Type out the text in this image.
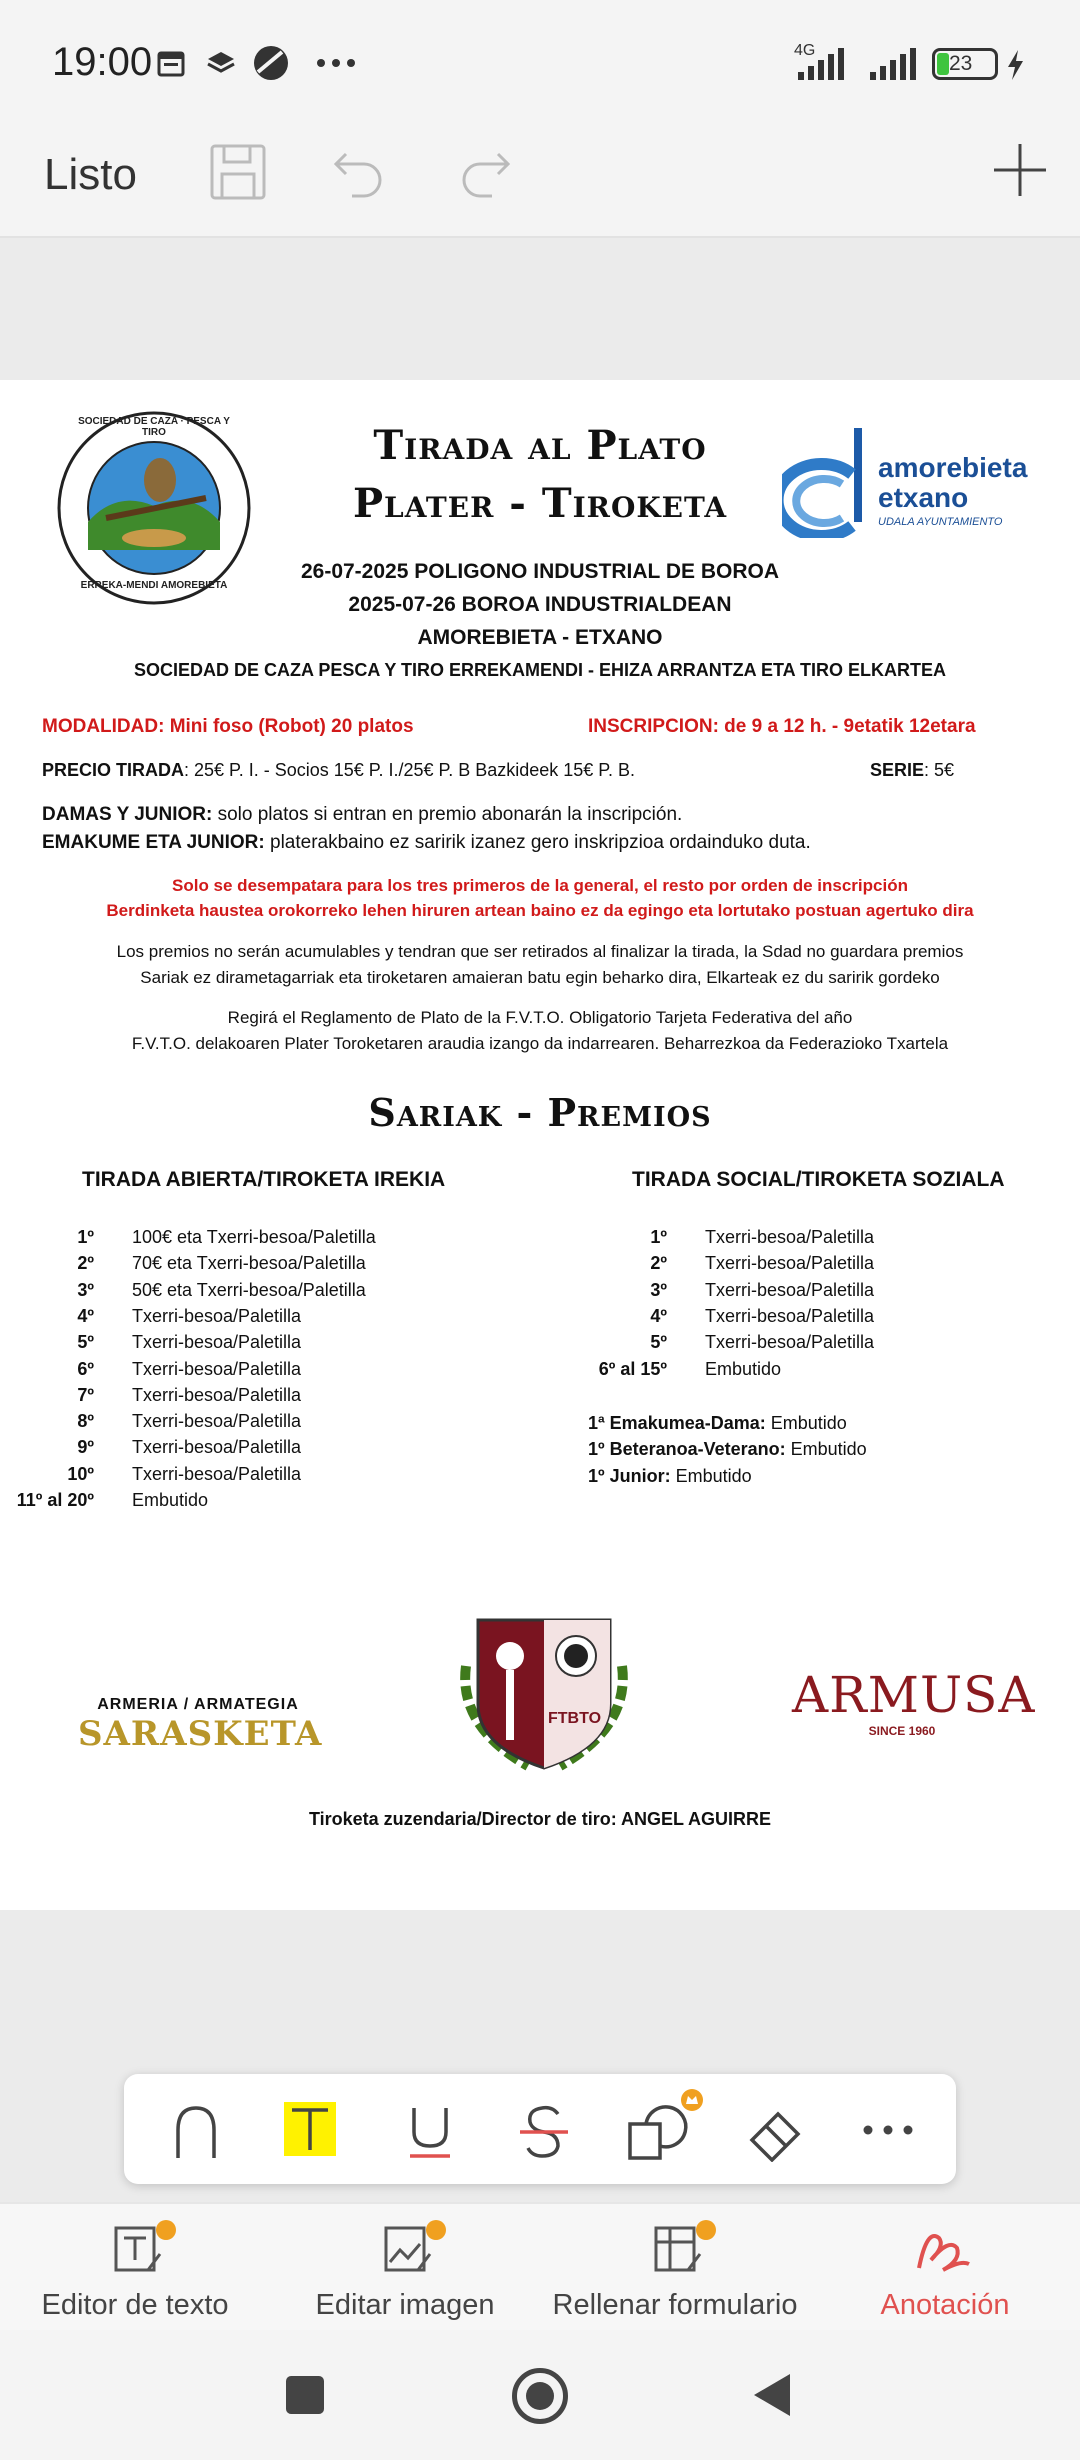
19:00	4G
23
Listo
SOCIEDAD DE CAZA · PESCA Y TIRO
ERREKA-MENDI AMOREBIETA
Tirada al Plato
Plater - Tiroketa
amorebieta
etxano
UDALA AYUNTAMIENTO
26-07-2025 POLIGONO INDUSTRIAL DE BOROA
2025-07-26 BOROA INDUSTRIALDEAN
AMOREBIETA - ETXANO
SOCIEDAD DE CAZA PESCA Y TIRO ERREKAMENDI - EHIZA ARRANTZA ETA TIRO ELKARTEA
MODALIDAD: Mini foso (Robot) 20 platos	INSCRIPCION: de 9 a 12 h. - 9etatik 12etara
PRECIO TIRADA: 25€ P. I. - Socios 15€ P. I./25€ P. B Bazkideek 15€ P. B.	SERIE: 5€
DAMAS Y JUNIOR: solo platos si entran en premio abonarán la inscripción.
EMAKUME ETA JUNIOR: platerakbaino ez saririk izanez gero inskripzioa ordainduko duta.
Solo se desempatara para los tres primeros de la general, el resto por orden de inscripción
Berdinketa haustea orokorreko lehen hiruren artean baino ez da egingo eta lortutako postuan agertuko dira
Los premios no serán acumulables y tendran que ser retirados al finalizar la tirada, la Sdad no guardara premios
Sariak ez dirametagarriak eta tiroketaren amaieran batu egin beharko dira, Elkarteak ez du saririk gordeko
Regirá el Reglamento de Plato de la F.V.T.O. Obligatorio Tarjeta Federativa del año
F.V.T.O. delakoaren Plater Toroketaren araudia izango da indarrearen. Beharrezkoa da Federazioko Txartela
Sariak - Premios
TIRADA ABIERTA/TIROKETA IREKIA	TIRADA SOCIAL/TIROKETA SOZIALA
1º 100€ eta Txerri-besoa/Paletilla
2º 70€ eta Txerri-besoa/Paletilla
3º 50€ eta Txerri-besoa/Paletilla
4º Txerri-besoa/Paletilla
5º Txerri-besoa/Paletilla
6º Txerri-besoa/Paletilla
7º Txerri-besoa/Paletilla
8º Txerri-besoa/Paletilla
9º Txerri-besoa/Paletilla
10º Txerri-besoa/Paletilla
11º al 20º Embutido
1º Txerri-besoa/Paletilla
2º Txerri-besoa/Paletilla
3º Txerri-besoa/Paletilla
4º Txerri-besoa/Paletilla
5º Txerri-besoa/Paletilla
6º al 15º Embutido
1ª Emakumea-Dama: Embutido
1º Beteranoa-Veterano: Embutido
1º Junior: Embutido
ARMERIA / ARMATEGIA
SARASKETA	FTBTO	ARMUSA
SINCE 1960
Tiroketa zuzendaria/Director de tiro: ANGEL AGUIRRE
Editor de texto	Editar imagen	Rellenar formulario	Anotación
